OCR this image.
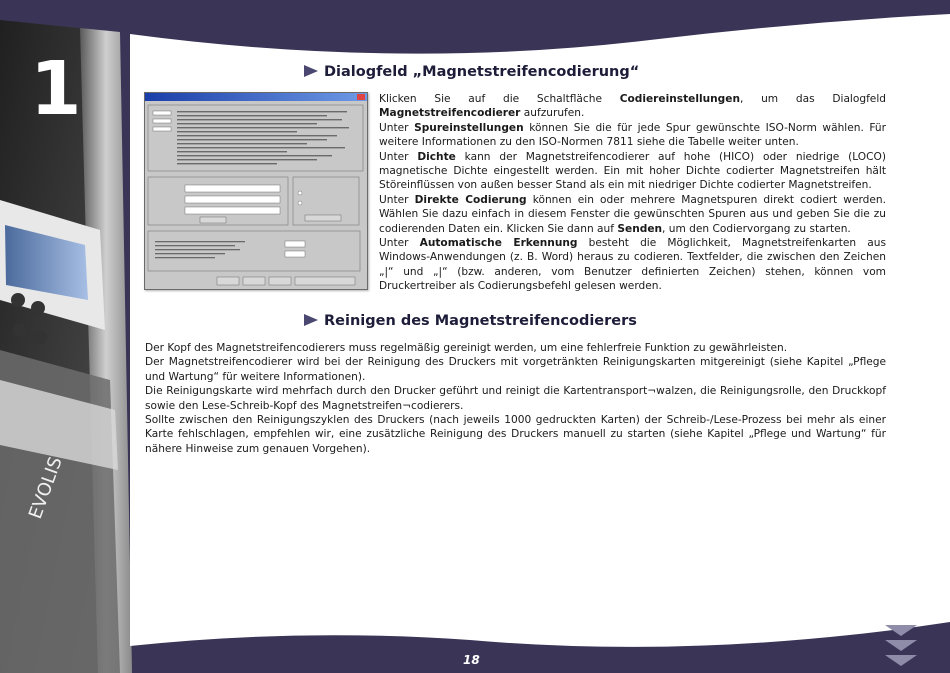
EVOLIS
1	Dialogfeld „Magnetstreifencodierung“

Klicken Sie auf die Schaltfläche Codiereinstellungen, um das Dialogfeld Magnetstreifencodierer aufzurufen.

Unter Spureinstellungen können Sie die für jede Spur gewünschte ISO-Norm wählen. Für weitere Informationen zu den ISO-Normen 7811 siehe die Tabelle weiter unten.

Unter Dichte kann der Magnetstreifencodierer auf hohe (HICO) oder niedrige (LOCO) magnetische Dichte eingestellt werden. Ein mit hoher Dichte codierter Magnetstreifen hält Störeinflüssen von außen besser Stand als ein mit niedriger Dichte codierter Magnetstreifen.

Unter Direkte Codierung können ein oder mehrere Magnetspuren direkt codiert werden. Wählen Sie dazu einfach in diesem Fenster die gewünschten Spuren aus und geben Sie die zu codierenden Daten ein. Klicken Sie dann auf Senden, um den Codiervorgang zu starten.

Unter Automatische Erkennung besteht die Möglichkeit, Magnetstreifenkarten aus Windows-Anwendungen (z. B. Word) heraus zu codieren. Textfelder, die zwischen den Zeichen „|“ und „|“ (bzw. anderen, vom Benutzer definierten Zeichen) stehen, können vom Druckertreiber als Codierungsbefehl gelesen werden.

Reinigen des Magnetstreifencodierers

Der Kopf des Magnetstreifencodierers muss regelmäßig gereinigt werden, um eine fehlerfreie Funktion zu gewährleisten.

Der Magnetstreifencodierer wird bei der Reinigung des Druckers mit vorgetränkten Reinigungskarten mitgereinigt (siehe Kapitel „Pflege und Wartung“ für weitere Informationen).

Die Reinigungskarte wird mehrfach durch den Drucker geführt und reinigt die Kartentransport¬walzen, die Reinigungsrolle, den Druckkopf sowie den Lese-Schreib-Kopf des Magnetstreifen¬codierers.

Sollte zwischen den Reinigungszyklen des Druckers (nach jeweils 1000 gedruckten Karten) der Schreib-/Lese-Prozess bei mehr als einer Karte fehlschlagen, empfehlen wir, eine zusätzliche Reinigung des Druckers manuell zu starten (siehe Kapitel „Pflege und Wartung“ für nähere Hinweise zum genauen Vorgehen).

18
